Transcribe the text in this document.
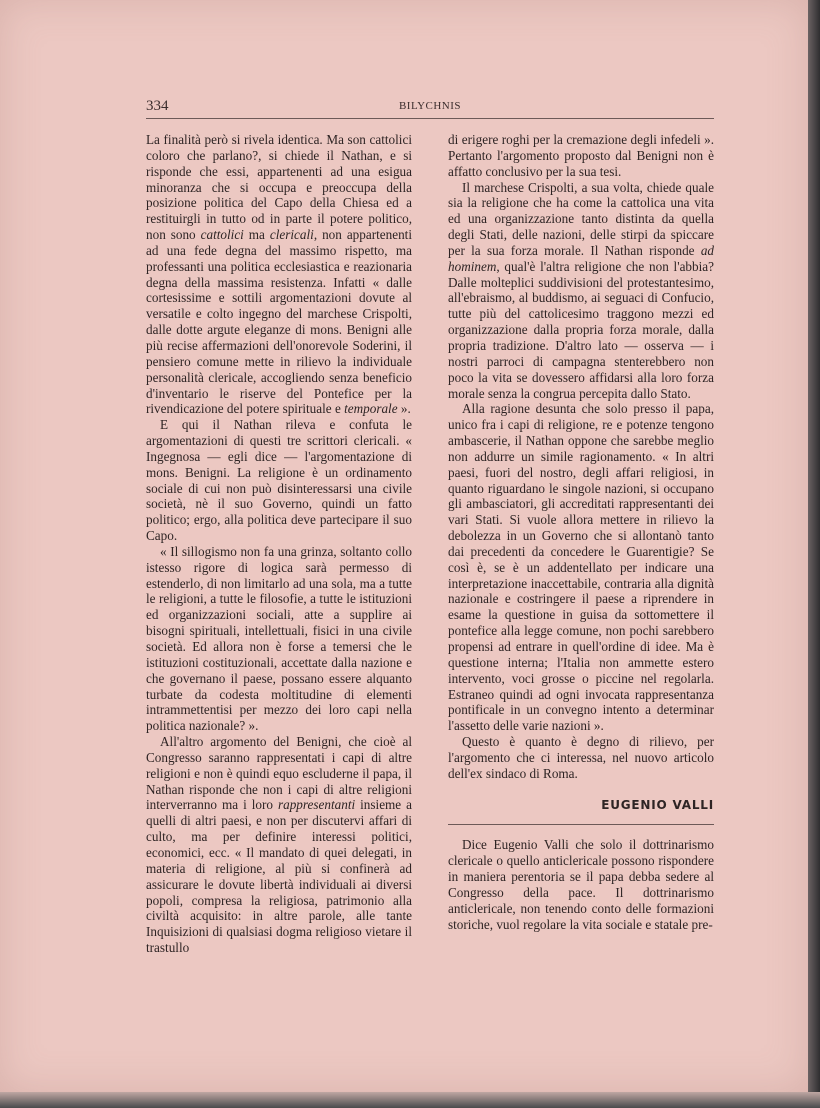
334	BILYCHNIS

La finalità però si rivela identica. Ma son cattolici coloro che parlano?, si chiede il Nathan, e si risponde che essi, appartenenti ad una esigua minoranza che si occupa e preoccupa della posizione politica del Capo della Chiesa ed a restituirgli in tutto od in parte il potere politico, non sono cattolici ma clericali, non appartenenti ad una fede degna del massimo rispetto, ma professanti una politica ecclesiastica e reazionaria degna della massima resistenza. Infatti « dalle cortesissime e sottili argomentazioni dovute al versatile e colto ingegno del marchese Crispolti, dalle dotte argute eleganze di mons. Benigni alle più recise affermazioni dell'onorevole Soderini, il pensiero comune mette in rilievo la individuale personalità clericale, accogliendo senza beneficio d'inventario le riserve del Pontefice per la rivendicazione del potere spirituale e temporale ».

E qui il Nathan rileva e confuta le argomentazioni di questi tre scrittori clericali. « Ingegnosa — egli dice — l'argomentazione di mons. Benigni. La religione è un ordinamento sociale di cui non può disinteressarsi una civile società, nè il suo Governo, quindi un fatto politico; ergo, alla politica deve partecipare il suo Capo.

« Il sillogismo non fa una grinza, soltanto collo istesso rigore di logica sarà permesso di estenderlo, di non limitarlo ad una sola, ma a tutte le religioni, a tutte le filosofie, a tutte le istituzioni ed organizzazioni sociali, atte a supplire ai bisogni spirituali, intellettuali, fisici in una civile società. Ed allora non è forse a temersi che le istituzioni costituzionali, accettate dalla nazione e che governano il paese, possano essere alquanto turbate da codesta moltitudine di elementi intrammettentisi per mezzo dei loro capi nella politica nazionale? ».

All'altro argomento del Benigni, che cioè al Congresso saranno rappresentati i capi di altre religioni e non è quindi equo escluderne il papa, il Nathan risponde che non i capi di altre religioni interverranno ma i loro rappresentanti insieme a quelli di altri paesi, e non per discutervi affari di culto, ma per definire interessi politici, economici, ecc. « Il mandato di quei delegati, in materia di religione, al più si confinerà ad assicurare le dovute libertà individuali ai diversi popoli, compresa la religiosa, patrimonio alla civiltà acquisito: in altre parole, alle tante Inquisizioni di qualsiasi dogma religioso vietare il trastullo

di erigere roghi per la cremazione degli infedeli ». Pertanto l'argomento proposto dal Benigni non è affatto conclusivo per la sua tesi.

Il marchese Crispolti, a sua volta, chiede quale sia la religione che ha come la cattolica una vita ed una organizzazione tanto distinta da quella degli Stati, delle nazioni, delle stirpi da spiccare per la sua forza morale. Il Nathan risponde ad hominem, qual'è l'altra religione che non l'abbia? Dalle molteplici suddivisioni del protestantesimo, all'ebraismo, al buddismo, ai seguaci di Confucio, tutte più del cattolicesimo traggono mezzi ed organizzazione dalla propria forza morale, dalla propria tradizione. D'altro lato — osserva — i nostri parroci di campagna stenterebbero non poco la vita se dovessero affidarsi alla loro forza morale senza la congrua percepita dallo Stato.

Alla ragione desunta che solo presso il papa, unico fra i capi di religione, re e potenze tengono ambascerie, il Nathan oppone che sarebbe meglio non addurre un simile ragionamento. « In altri paesi, fuori del nostro, degli affari religiosi, in quanto riguardano le singole nazioni, si occupano gli ambasciatori, gli accreditati rappresentanti dei vari Stati. Si vuole allora mettere in rilievo la debolezza in un Governo che si allontanò tanto dai precedenti da concedere le Guarentigie? Se così è, se è un addentellato per indicare una interpretazione inaccettabile, contraria alla dignità nazionale e costringere il paese a riprendere in esame la questione in guisa da sottomettere il pontefice alla legge comune, non pochi sarebbero propensi ad entrare in quell'ordine di idee. Ma è questione interna; l'Italia non ammette estero intervento, voci grosse o piccine nel regolarla. Estraneo quindi ad ogni invocata rappresentanza pontificale in un convegno intento a determinar l'assetto delle varie nazioni ».

Questo è quanto è degno di rilievo, per l'argomento che ci interessa, nel nuovo articolo dell'ex sindaco di Roma.

EUGENIO VALLI

Dice Eugenio Valli che solo il dottrinarismo clericale o quello anticlericale possono rispondere in maniera perentoria se il papa debba sedere al Congresso della pace. Il dottrinarismo anticlericale, non tenendo conto delle formazioni storiche, vuol regolare la vita sociale e statale pre-
